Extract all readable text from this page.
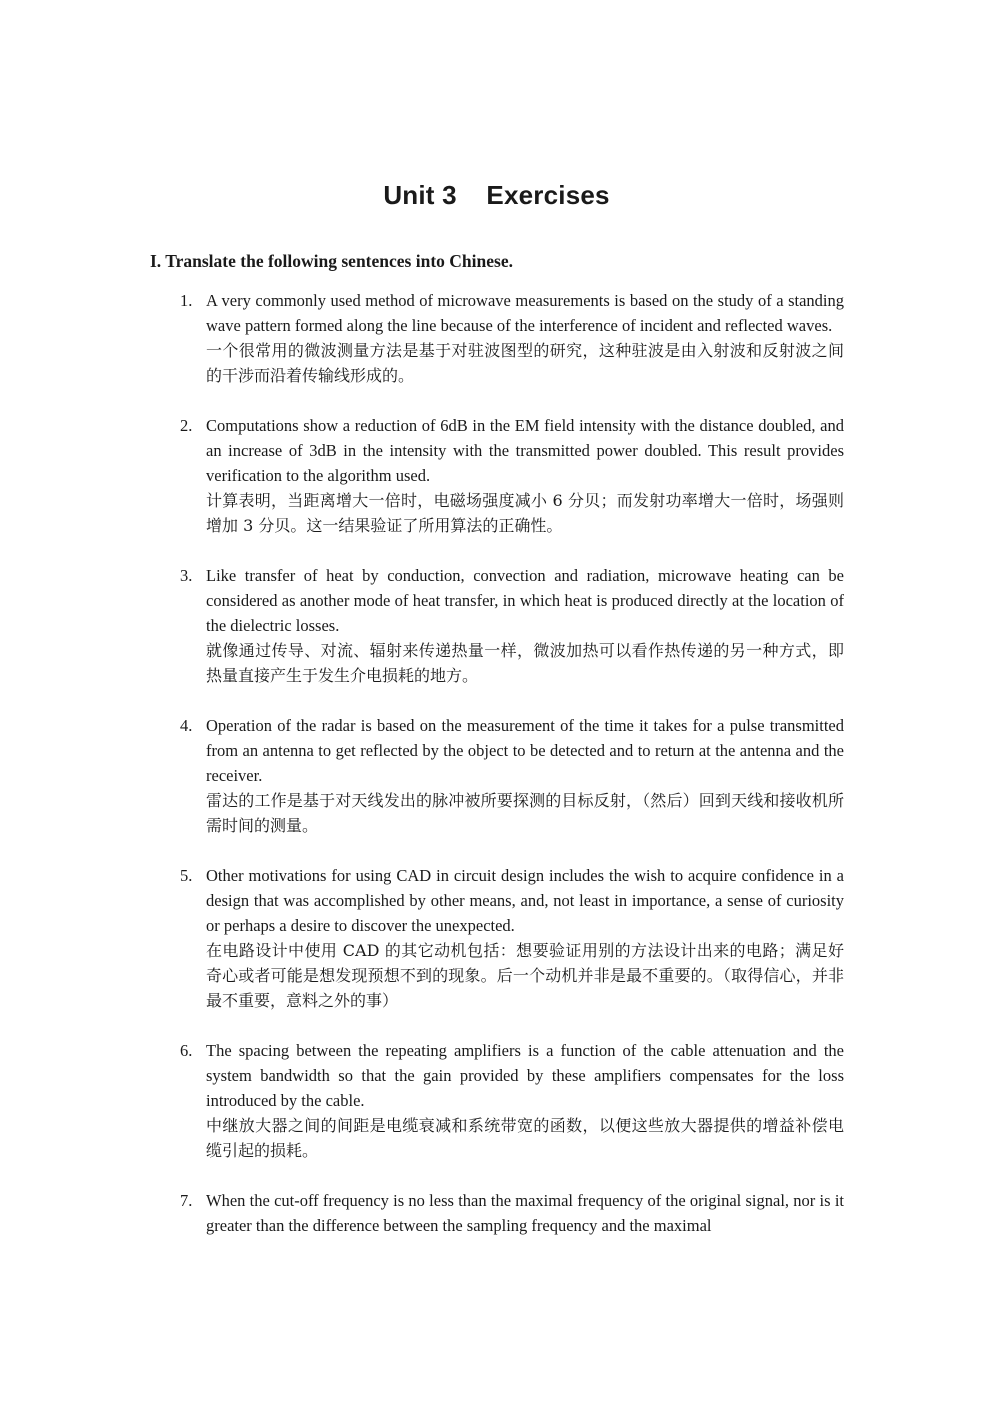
Unit 3    Exercises
I. Translate the following sentences into Chinese.
1. A very commonly used method of microwave measurements is based on the study of a standing wave pattern formed along the line because of the interference of incident and reflected waves.

一个很常用的微波测量方法是基于对驻波图型的研究，这种驻波是由入射波和反射波之间的干涉而沿着传输线形成的。

2. Computations show a reduction of 6dB in the EM field intensity with the distance doubled, and an increase of 3dB in the intensity with the transmitted power doubled. This result provides verification to the algorithm used.

计算表明，当距离增大一倍时，电磁场强度减小 6 分贝；而发射功率增大一倍时，场强则增加 3 分贝。这一结果验证了所用算法的正确性。

3. Like transfer of heat by conduction, convection and radiation, microwave heating can be considered as another mode of heat transfer, in which heat is produced directly at the location of the dielectric losses.

就像通过传导、对流、辐射来传递热量一样，微波加热可以看作热传递的另一种方式，即热量直接产生于发生介电损耗的地方。

4. Operation of the radar is based on the measurement of the time it takes for a pulse transmitted from an antenna to get reflected by the object to be detected and to return at the antenna and the receiver.

雷达的工作是基于对天线发出的脉冲被所要探测的目标反射，（然后）回到天线和接收机所需时间的测量。

5. Other motivations for using CAD in circuit design includes the wish to acquire confidence in a design that was accomplished by other means, and, not least in importance, a sense of curiosity or perhaps a desire to discover the unexpected.

在电路设计中使用 CAD 的其它动机包括：想要验证用别的方法设计出来的电路；满足好奇心或者可能是想发现预想不到的现象。后一个动机并非是最不重要的。（取得信心，并非最不重要，意料之外的事）

6. The spacing between the repeating amplifiers is a function of the cable attenuation and the system bandwidth so that the gain provided by these amplifiers compensates for the loss introduced by the cable.

中继放大器之间的间距是电缆衰减和系统带宽的函数，以便这些放大器提供的增益补偿电缆引起的损耗。

7. When the cut-off frequency is no less than the maximal frequency of the original signal, nor is it greater than the difference between the sampling frequency and the maximal
